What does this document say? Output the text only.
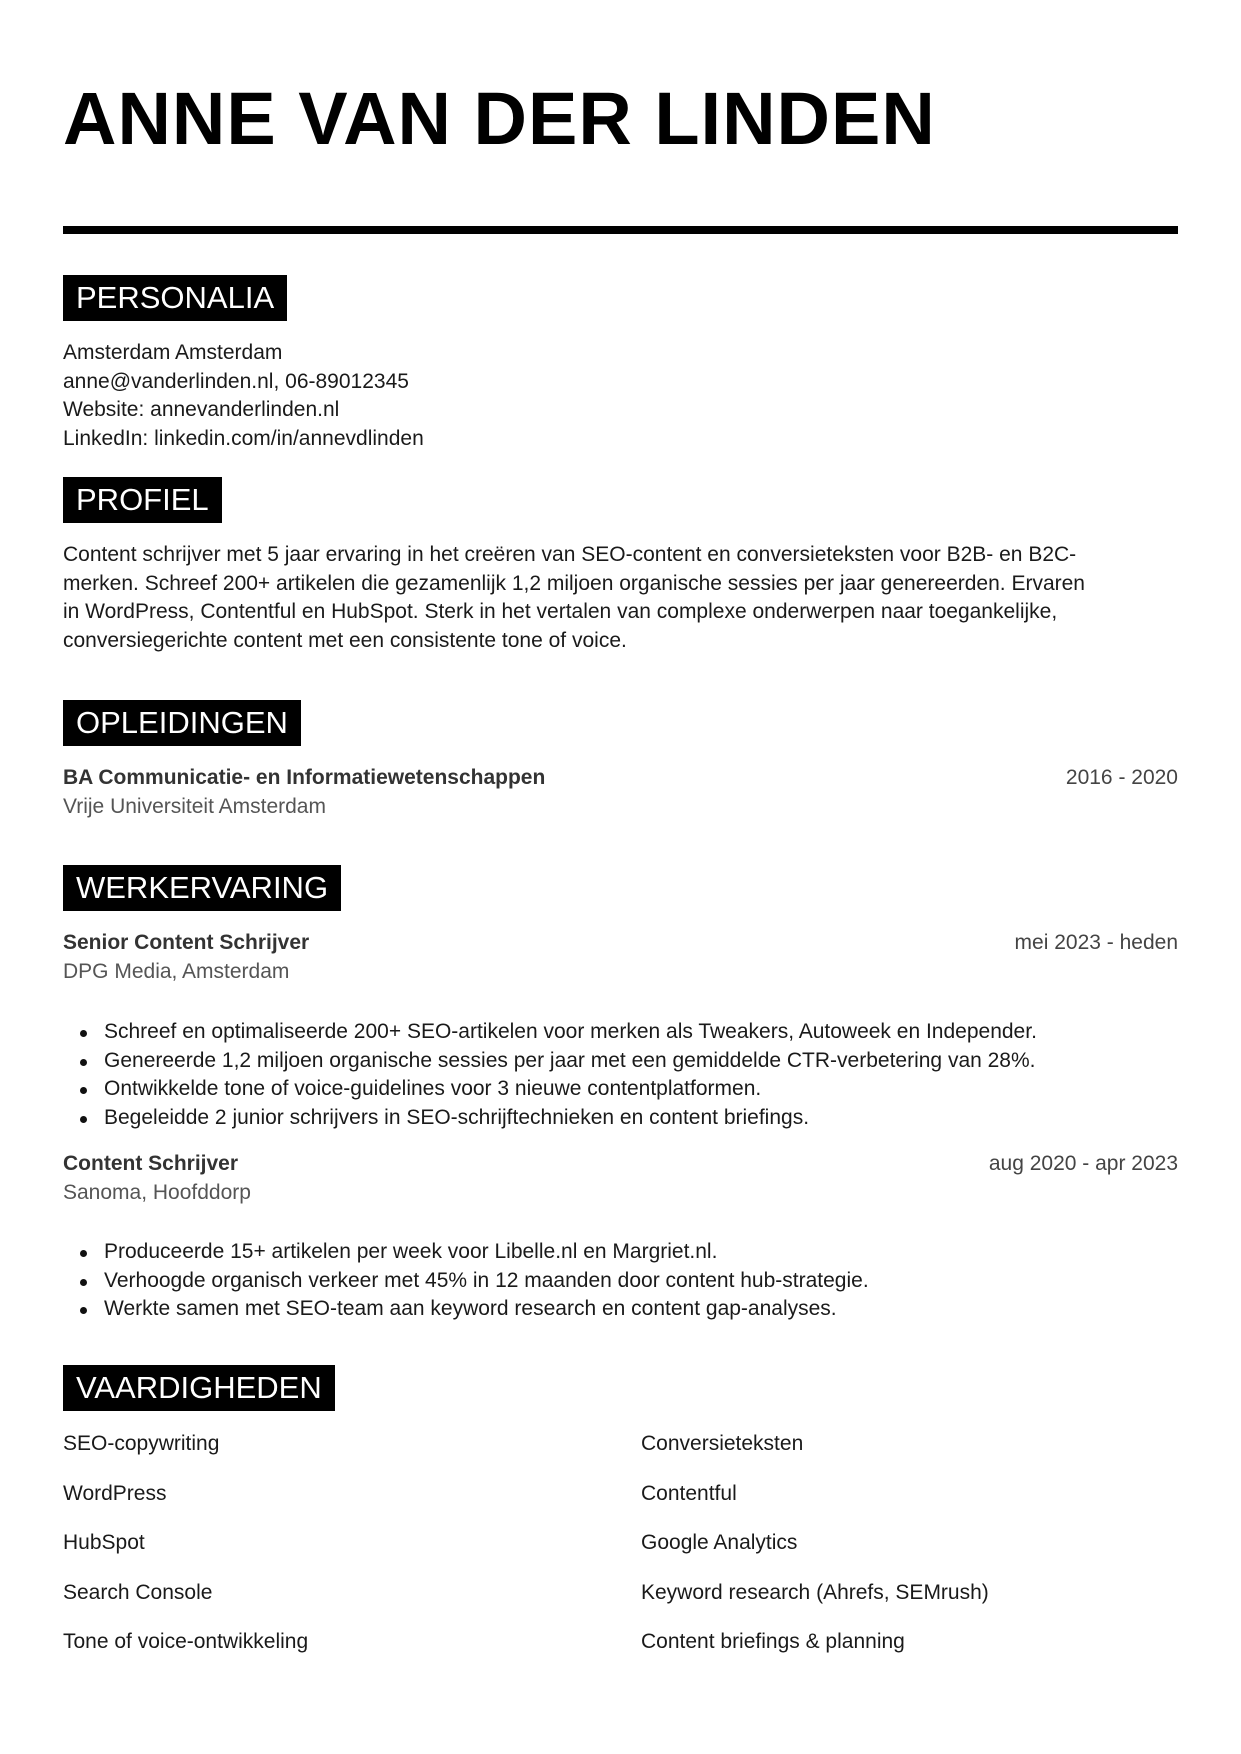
ANNE VAN DER LINDEN
PERSONALIA

Amsterdam Amsterdam

anne@vanderlinden.nl, 06-89012345

Website: annevanderlinden.nl

LinkedIn: linkedin.com/in/annevdlinden

PROFIEL

Content schrijver met 5 jaar ervaring in het creëren van SEO-content en conversieteksten voor B2B- en B2C-

merken. Schreef 200+ artikelen die gezamenlijk 1,2 miljoen organische sessies per jaar genereerden. Ervaren

in WordPress, Contentful en HubSpot. Sterk in het vertalen van complexe onderwerpen naar toegankelijke,

conversiegerichte content met een consistente tone of voice.

OPLEIDINGEN
BA Communicatie- en Informatiewetenschappen	2016 - 2020
Vrije Universiteit Amsterdam
WERKERVARING
Senior Content Schrijver	mei 2023 - heden
DPG Media, Amsterdam
Schreef en optimaliseerde 200+ SEO-artikelen voor merken als Tweakers, Autoweek en Independer.
Genereerde 1,2 miljoen organische sessies per jaar met een gemiddelde CTR-verbetering van 28%.
Ontwikkelde tone of voice-guidelines voor 3 nieuwe contentplatformen.
Begeleidde 2 junior schrijvers in SEO-schrijftechnieken en content briefings.
Content Schrijver	aug 2020 - apr 2023
Sanoma, Hoofddorp
Produceerde 15+ artikelen per week voor Libelle.nl en Margriet.nl.
Verhoogde organisch verkeer met 45% in 12 maanden door content hub-strategie.
Werkte samen met SEO-team aan keyword research en content gap-analyses.
VAARDIGHEDEN
SEO-copywriting	Conversieteksten
WordPress	Contentful
HubSpot	Google Analytics
Search Console	Keyword research (Ahrefs, SEMrush)
Tone of voice-ontwikkeling	Content briefings & planning
